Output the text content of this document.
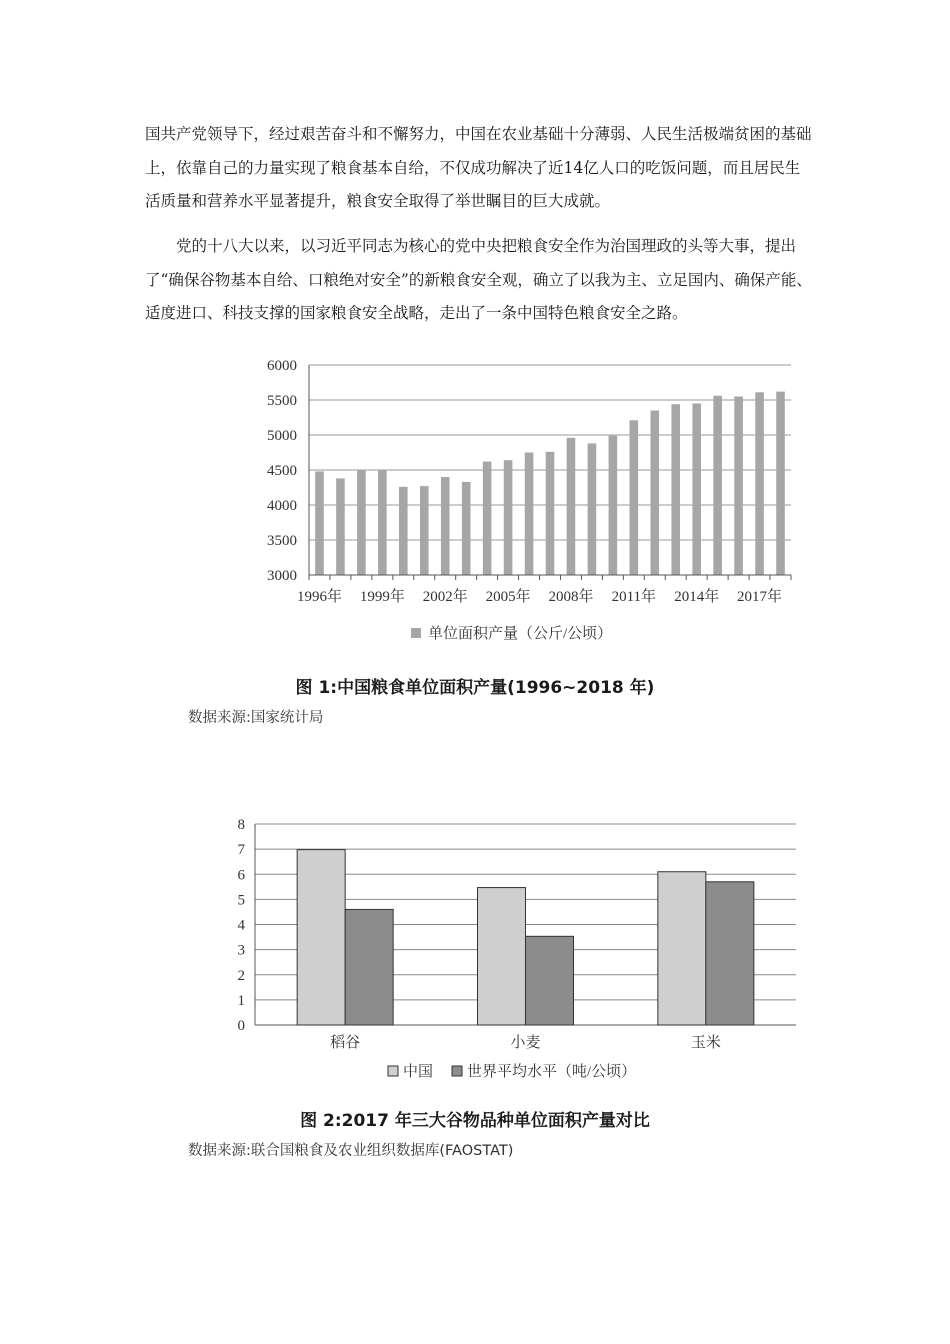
国共产党领导下，经过艰苦奋斗和不懈努力，中国在农业基础十分薄弱、人民生活极端贫困的基础上，依靠自己的力量实现了粮食基本自给，不仅成功解决了近14亿人口的吃饭问题，而且居民生活质量和营养水平显著提升，粮食安全取得了举世瞩目的巨大成就。

党的十八大以来，以习近平同志为核心的党中央把粮食安全作为治国理政的头等大事，提出了“确保谷物基本自给、口粮绝对安全”的新粮食安全观，确立了以我为主、立足国内、确保产能、适度进口、科技支撑的国家粮食安全战略，走出了一条中国特色粮食安全之路。

3000
3500
4000
4500
5000
5500
6000
1996年 1999年 2002年 2005年 2008年 2011年 2014年 2017年
单位面积产量（公斤/公顷）

图 1:中国粮食单位面积产量(1996~2018 年)

数据来源:国家统计局

0
1
2
3
4
5
6
7
8
稻谷	小麦	玉米
中国 世界平均水平（吨/公顷）

图 2:2017 年三大谷物品种单位面积产量对比

数据来源:联合国粮食及农业组织数据库(FAOSTAT)
